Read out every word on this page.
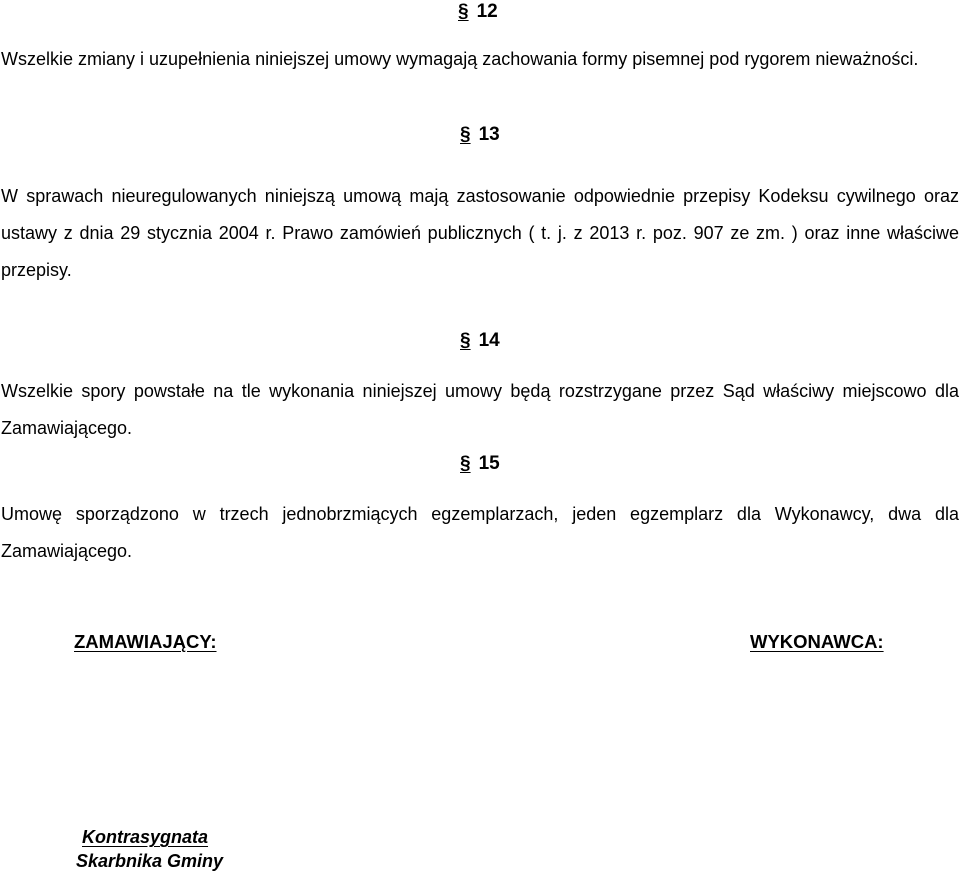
§ 12

Wszelkie zmiany i uzupełnienia niniejszej umowy wymagają zachowania formy pisemnej pod rygorem nieważności.

§ 13

W sprawach nieuregulowanych niniejszą umową mają zastosowanie odpowiednie przepisy Kodeksu cywilnego oraz ustawy z dnia 29 stycznia 2004 r. Prawo zamówień publicznych ( t. j. z 2013 r. poz. 907 ze zm. ) oraz inne właściwe przepisy.

§ 14

Wszelkie spory powstałe na tle wykonania niniejszej umowy będą rozstrzygane przez Sąd właściwy miejscowo dla Zamawiającego.

§ 15

Umowę sporządzono w trzech jednobrzmiących egzemplarzach, jeden egzemplarz dla Wykonawcy, dwa dla Zamawiającego.

ZAMAWIAJĄCY:	WYKONAWCA:
Kontrasygnata
Skarbnika Gminy
